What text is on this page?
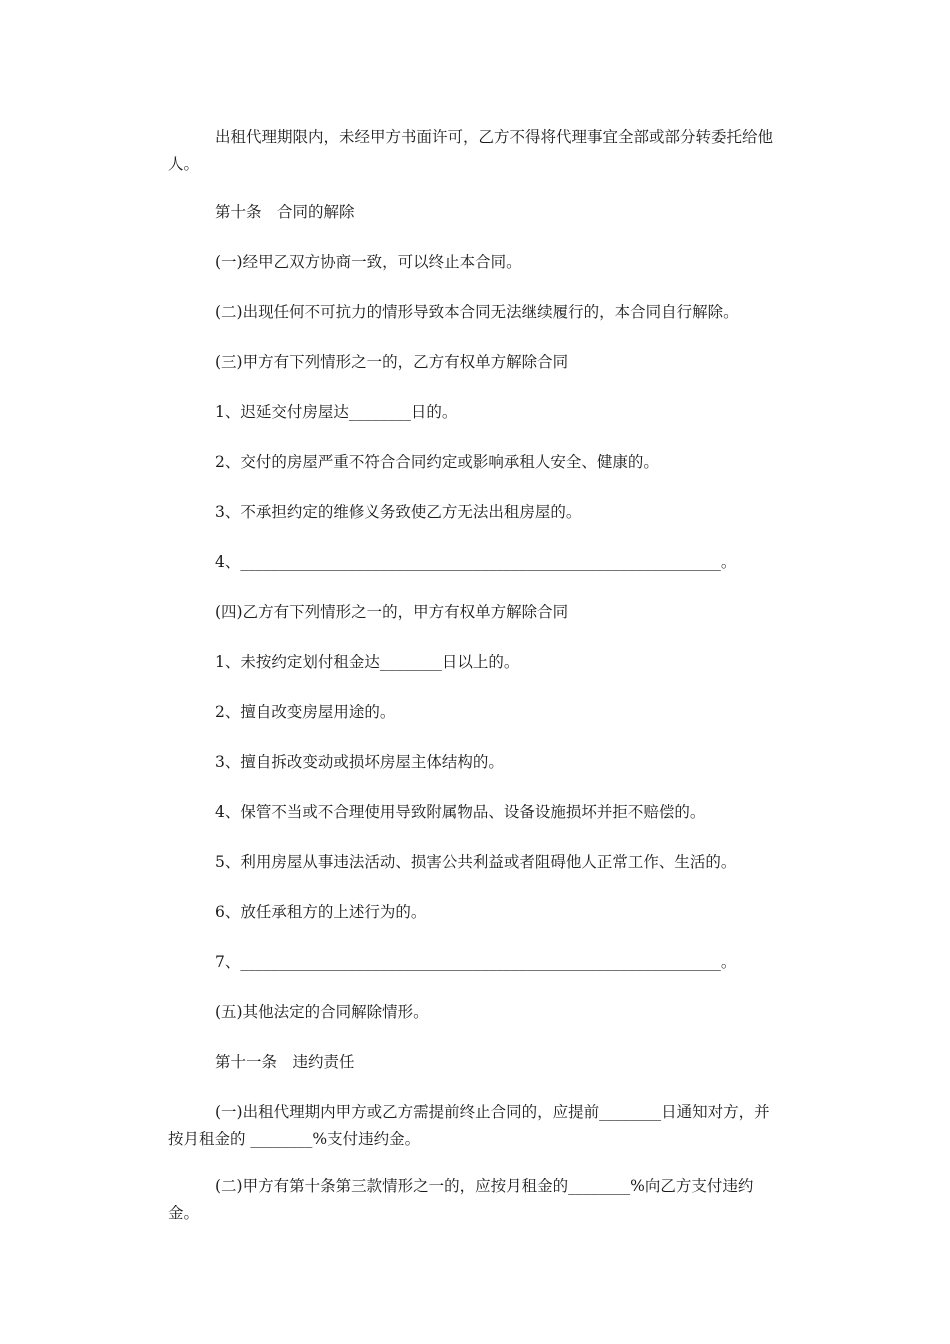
出租代理期限内，未经甲方书面许可，乙方不得将代理事宜全部或部分转委托给他人。

第十条　合同的解除

(一)经甲乙双方协商一致，可以终止本合同。

(二)出现任何不可抗力的情形导致本合同无法继续履行的，本合同自行解除。

(三)甲方有下列情形之一的，乙方有权单方解除合同

1、迟延交付房屋达________日的。

2、交付的房屋严重不符合合同约定或影响承租人安全、健康的。

3、不承担约定的维修义务致使乙方无法出租房屋的。

4、______________________________________________________________。

(四)乙方有下列情形之一的，甲方有权单方解除合同

1、未按约定划付租金达________日以上的。

2、擅自改变房屋用途的。

3、擅自拆改变动或损坏房屋主体结构的。

4、保管不当或不合理使用导致附属物品、设备设施损坏并拒不赔偿的。

5、利用房屋从事违法活动、损害公共利益或者阻碍他人正常工作、生活的。

6、放任承租方的上述行为的。

7、______________________________________________________________。

(五)其他法定的合同解除情形。

第十一条　违约责任

(一)出租代理期内甲方或乙方需提前终止合同的，应提前________日通知对方，并按月租金的 ________%支付违约金。

(二)甲方有第十条第三款情形之一的，应按月租金的________%向乙方支付违约金。
